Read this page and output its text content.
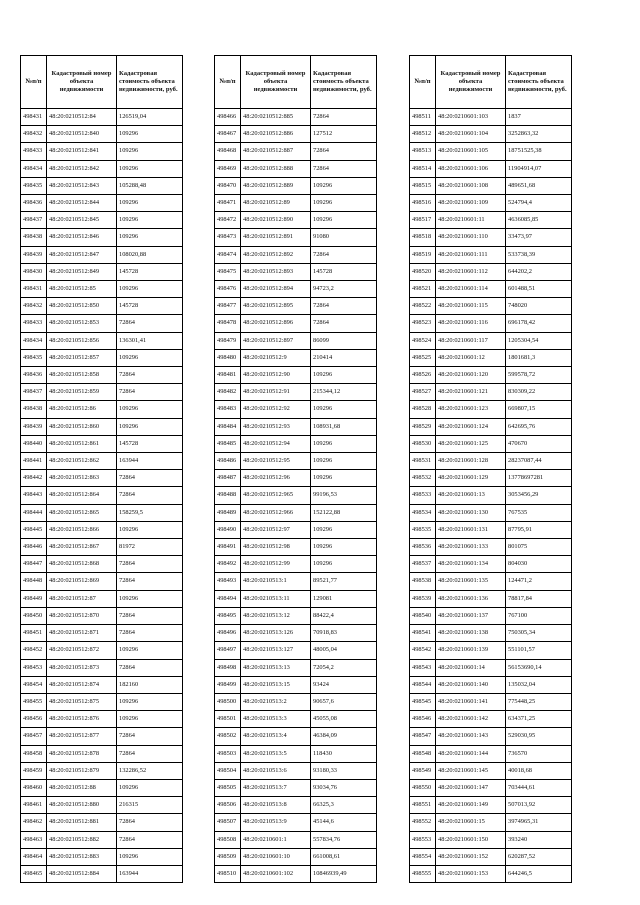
№п/п	Кадастровый номер объекта недвижимости	Кадастровая стоимость объекта недвижимости, руб.
498431	48:20:0210512:84	126519,04
498432	48:20:0210512:840	109296
498433	48:20:0210512:841	109296
498434	48:20:0210512:842	109296
498435	48:20:0210512:843	105288,48
498436	48:20:0210512:844	109296
498437	48:20:0210512:845	109296
498438	48:20:0210512:846	109296
498439	48:20:0210512:847	108020,88
498430	48:20:0210512:849	145728
498431	48:20:0210512:85	109296
498432	48:20:0210512:850	145728
498433	48:20:0210512:853	72864
498434	48:20:0210512:856	136301,41
498435	48:20:0210512:857	109296
498436	48:20:0210512:858	72864
498437	48:20:0210512:859	72864
498438	48:20:0210512:86	109296
498439	48:20:0210512:860	109296
498440	48:20:0210512:861	145728
498441	48:20:0210512:862	163944
498442	48:20:0210512:863	72864
498443	48:20:0210512:864	72864
498444	48:20:0210512:865	158259,5
498445	48:20:0210512:866	109296
498446	48:20:0210512:867	81972
498447	48:20:0210512:868	72864
498448	48:20:0210512:869	72864
498449	48:20:0210512:87	109296
498450	48:20:0210512:870	72864
498451	48:20:0210512:871	72864
498452	48:20:0210512:872	109296
498453	48:20:0210512:873	72864
498454	48:20:0210512:874	182160
498455	48:20:0210512:875	109296
498456	48:20:0210512:876	109296
498457	48:20:0210512:877	72864
498458	48:20:0210512:878	72864
498459	48:20:0210512:879	132286,52
498460	48:20:0210512:88	109296
498461	48:20:0210512:880	216315
498462	48:20:0210512:881	72864
498463	48:20:0210512:882	72864
498464	48:20:0210512:883	109296
498465	48:20:0210512:884	163944
№п/п	Кадастровый номер объекта недвижимости	Кадастровая стоимость объекта недвижимости, руб.
498466	48:20:0210512:885	72864
498467	48:20:0210512:886	127512
498468	48:20:0210512:887	72864
498469	48:20:0210512:888	72864
498470	48:20:0210512:889	109296
498471	48:20:0210512:89	109296
498472	48:20:0210512:890	109296
498473	48:20:0210512:891	91080
498474	48:20:0210512:892	72864
498475	48:20:0210512:893	145728
498476	48:20:0210512:894	94723,2
498477	48:20:0210512:895	72864
498478	48:20:0210512:896	72864
498479	48:20:0210512:897	86099
498480	48:20:0210512:9	210414
498481	48:20:0210512:90	109296
498482	48:20:0210512:91	215344,12
498483	48:20:0210512:92	109296
498484	48:20:0210512:93	108931,68
498485	48:20:0210512:94	109296
498486	48:20:0210512:95	109296
498487	48:20:0210512:96	109296
498488	48:20:0210512:965	99196,53
498489	48:20:0210512:966	152122,88
498490	48:20:0210512:97	109296
498491	48:20:0210512:98	109296
498492	48:20:0210512:99	109296
498493	48:20:0210513:1	89521,77
498494	48:20:0210513:11	129081
498495	48:20:0210513:12	88422,4
498496	48:20:0210513:126	70918,83
498497	48:20:0210513:127	48005,04
498498	48:20:0210513:13	72054,2
498499	48:20:0210513:15	93424
498500	48:20:0210513:2	90657,6
498501	48:20:0210513:3	45055,08
498502	48:20:0210513:4	46384,09
498503	48:20:0210513:5	118430
498504	48:20:0210513:6	93180,33
498505	48:20:0210513:7	93034,76
498506	48:20:0210513:8	66325,3
498507	48:20:0210513:9	45144,6
498508	48:20:0210601:1	557834,76
498509	48:20:0210601:10	661008,61
498510	48:20:0210601:102	10846939,49
№п/п	Кадастровый номер объекта недвижимости	Кадастровая стоимость объекта недвижимости, руб.
498511	48:20:0210601:103	1837
498512	48:20:0210601:104	3252863,32
498513	48:20:0210601:105	18751525,38
498514	48:20:0210601:106	11904914,07
498515	48:20:0210601:108	489651,68
498516	48:20:0210601:109	524794,4
498517	48:20:0210601:11	4636085,85
498518	48:20:0210601:110	33473,97
498519	48:20:0210601:111	533738,39
498520	48:20:0210601:112	644202,2
498521	48:20:0210601:114	601488,51
498522	48:20:0210601:115	748020
498523	48:20:0210601:116	696178,42
498524	48:20:0210601:117	1205304,54
498525	48:20:0210601:12	1801681,3
498526	48:20:0210601:120	599578,72
498527	48:20:0210601:121	830309,22
498528	48:20:0210601:123	669807,15
498529	48:20:0210601:124	642695,76
498530	48:20:0210601:125	470670
498531	48:20:0210601:128	28237087,44
498532	48:20:0210601:129	13778697281
498533	48:20:0210601:13	3053456,29
498534	48:20:0210601:130	767535
498535	48:20:0210601:131	87795,91
498536	48:20:0210601:133	801075
498537	48:20:0210601:134	804030
498538	48:20:0210601:135	124471,2
498539	48:20:0210601:136	78817,84
498540	48:20:0210601:137	767100
498541	48:20:0210601:138	750305,34
498542	48:20:0210601:139	551101,57
498543	48:20:0210601:14	56153690,14
498544	48:20:0210601:140	135032,04
498545	48:20:0210601:141	775448,25
498546	48:20:0210601:142	634371,25
498547	48:20:0210601:143	529030,95
498548	48:20:0210601:144	736570
498549	48:20:0210601:145	40018,68
498550	48:20:0210601:147	703444,61
498551	48:20:0210601:149	507013,92
498552	48:20:0210601:15	3974965,31
498553	48:20:0210601:150	393240
498554	48:20:0210601:152	620287,52
498555	48:20:0210601:153	644246,5
